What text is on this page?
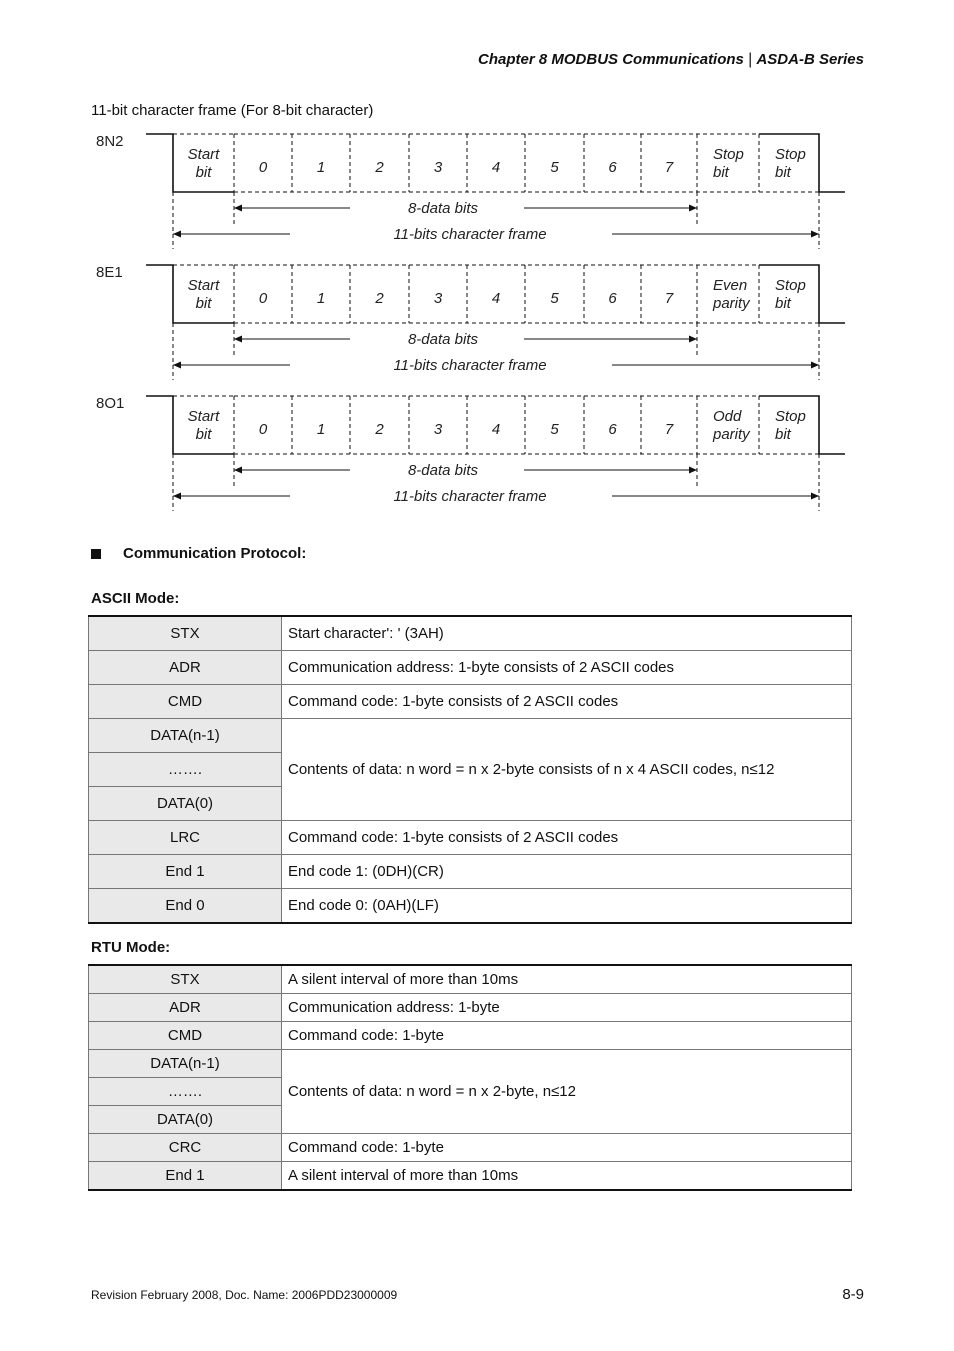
Chapter 8 MODBUS Communications❘ASDA-B Series
11-bit character frame (For 8-bit character)
8N2
Start
bit	0	1	2	3	4	5	6	7
Stop
bit
Stop
bit
8-data bits
11-bits character frame
8E1
Start
bit	0	1	2	3	4	5	6	7
Even
parity
Stop
bit
8-data bits
11-bits character frame
8O1
Start
bit	0	1	2	3	4	5	6	7
Odd
parity
Stop
bit
8-data bits
11-bits character frame
Communication Protocol:
ASCII Mode:
STX	Start character': ' (3AH)
ADR	Communication address: 1-byte consists of 2 ASCII codes
CMD	Command code: 1-byte consists of 2 ASCII codes
DATA(n-1)	Contents of data: n word = n x 2-byte consists of n x 4 ASCII codes, n≤12
…….	
DATA(0)	
LRC	Command code: 1-byte consists of 2 ASCII codes
End 1	End code 1: (0DH)(CR)
End 0	End code 0: (0AH)(LF)
RTU Mode:
STX	A silent interval of more than 10ms
ADR	Communication address: 1-byte
CMD	Command code: 1-byte
DATA(n-1)	Contents of data: n word = n x 2-byte, n≤12
…….	
DATA(0)	
CRC	Command code: 1-byte
End 1	A silent interval of more than 10ms
Revision February 2008, Doc. Name: 2006PDD23000009	8-9
